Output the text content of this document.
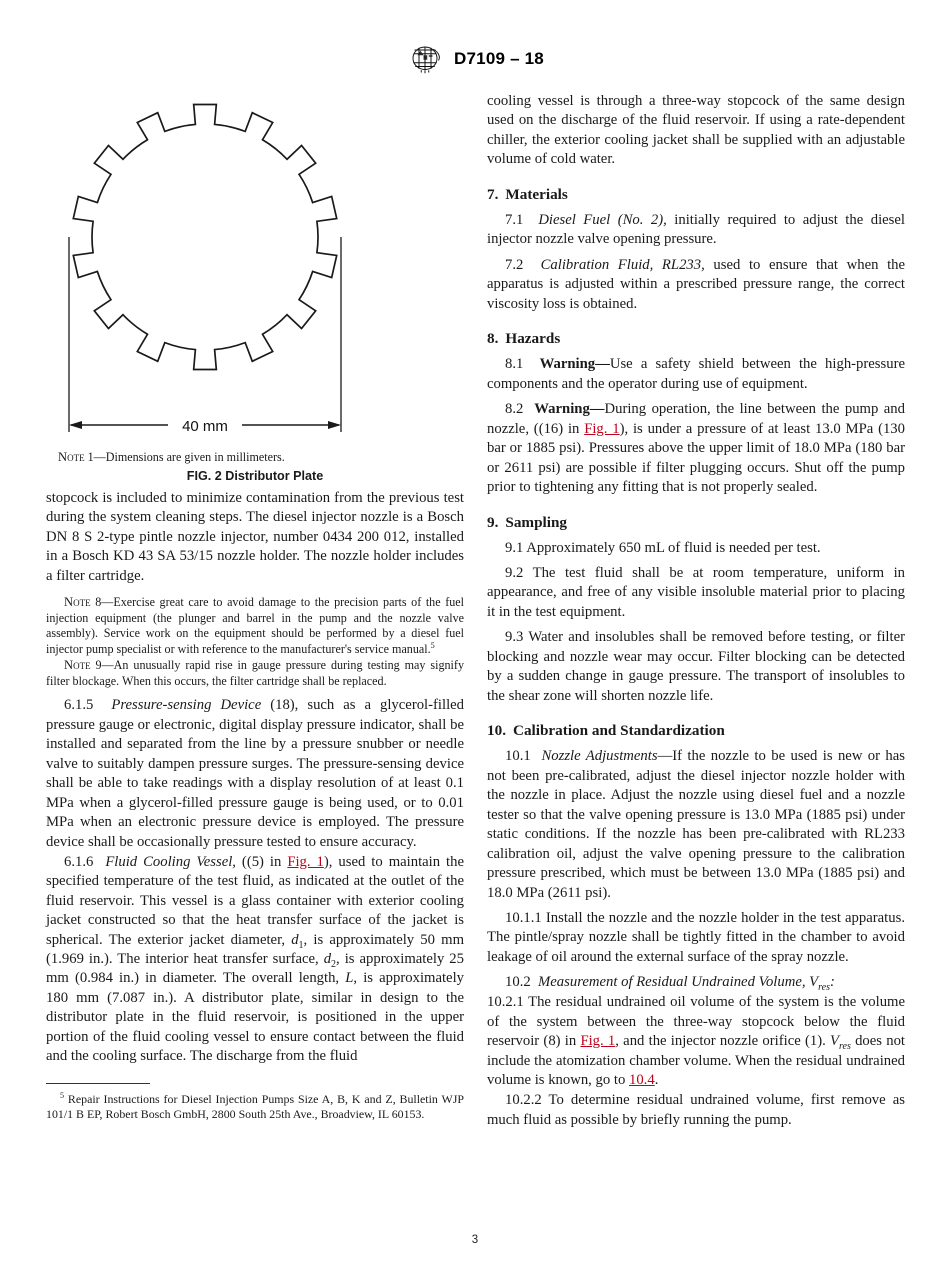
D7109 – 18
40 mm
Note 1—Dimensions are given in millimeters.
FIG. 2 Distributor Plate

stopcock is included to minimize contamination from the previous test during the system cleaning steps. The diesel injector nozzle is a Bosch DN 8 S 2-type pintle nozzle injector, number 0434 200 012, installed in a Bosch KD 43 SA 53/15 nozzle holder. The nozzle holder includes a filter cartridge.

Note 8—Exercise great care to avoid damage to the precision parts of the fuel injection equipment (the plunger and barrel in the pump and the nozzle valve assembly). Service work on the equipment should be performed by a diesel fuel injector pump specialist or with reference to the manufacturer's service manual.$^5$

Note 9—An unusually rapid rise in gauge pressure during testing may signify filter blockage. When this occurs, the filter cartridge shall be replaced.

6.1.5 Pressure-sensing Device (18), such as a glycerol-filled pressure gauge or electronic, digital display pressure indicator, shall be installed and separated from the line by a pressure snubber or needle valve to suitably dampen pressure surges. The pressure-sensing device shall be able to take readings with a display resolution of at least 0.1 MPa when a glycerol-filled pressure gauge is being used, or to 0.01 MPa when an electronic pressure device is employed. The pressure device shall be occasionally pressure tested to ensure accuracy.

6.1.6 Fluid Cooling Vessel, ((5) in Fig. 1), used to maintain the specified temperature of the test fluid, as indicated at the outlet of the fluid reservoir. This vessel is a glass container with exterior cooling jacket constructed so that the heat transfer surface of the jacket is spherical. The exterior jacket diameter, $d_1$, is approximately 50 mm (1.969 in.). The interior heat transfer surface, $d_2$, is approximately 25 mm (0.984 in.) in diameter. The overall length, L, is approximately 180 mm (7.087 in.). A distributor plate, similar in design to the distributor plate in the fluid reservoir, is positioned in the upper portion of the fluid cooling vessel to ensure contact between the fluid and the cooling surface. The discharge from the fluid

$^5$ Repair Instructions for Diesel Injection Pumps Size A, B, K and Z, Bulletin WJP 101/1 B EP, Robert Bosch GmbH, 2800 South 25th Ave., Broadview, IL 60153.

cooling vessel is through a three-way stopcock of the same design used on the discharge of the fluid reservoir. If using a rate-dependent chiller, the exterior cooling jacket shall be supplied with an adjustable volume of cold water.

7. Materials

7.1 Diesel Fuel (No. 2), initially required to adjust the diesel injector nozzle valve opening pressure.

7.2 Calibration Fluid, RL233, used to ensure that when the apparatus is adjusted within a prescribed pressure range, the correct viscosity loss is obtained.

8. Hazards

8.1 Warning—Use a safety shield between the high-pressure components and the operator during use of equipment.

8.2 Warning—During operation, the line between the pump and nozzle, ((16) in Fig. 1), is under a pressure of at least 13.0 MPa (130 bar or 1885 psi). Pressures above the upper limit of 18.0 MPa (180 bar or 2611 psi) are possible if filter plugging occurs. Shut off the pump prior to tightening any fitting that is not properly sealed.

9. Sampling

9.1 Approximately 650 mL of fluid is needed per test.

9.2 The test fluid shall be at room temperature, uniform in appearance, and free of any visible insoluble material prior to placing it in the test equipment.

9.3 Water and insolubles shall be removed before testing, or filter blocking and nozzle wear may occur. Filter blocking can be detected by a sudden change in gauge pressure. The transport of insolubles to the shear zone will shorten nozzle life.

10. Calibration and Standardization

10.1 Nozzle Adjustments—If the nozzle to be used is new or has not been pre-calibrated, adjust the diesel injector nozzle holder with the nozzle in place. Adjust the nozzle using diesel fuel and a nozzle tester so that the valve opening pressure is 13.0 MPa (1885 psi) under static conditions. If the nozzle has been pre-calibrated with RL233 calibration oil, adjust the valve opening pressure to the calibration pressure prescribed, which must be between 13.0 MPa (1885 psi) and 18.0 MPa (2611 psi).

10.1.1 Install the nozzle and the nozzle holder in the test apparatus. The pintle/spray nozzle shall be tightly fitted in the chamber to avoid leakage of oil around the external surface of the spray nozzle.

10.2 Measurement of Residual Undrained Volume, $V_{res}$:

10.2.1 The residual undrained oil volume of the system is the volume of the system between the three-way stopcock below the fluid reservoir (8) in Fig. 1, and the injector nozzle orifice (1). $V_{res}$ does not include the atomization chamber volume. When the residual undrained volume is known, go to 10.4.

10.2.2 To determine residual undrained volume, first remove as much fluid as possible by briefly running the pump.

3
